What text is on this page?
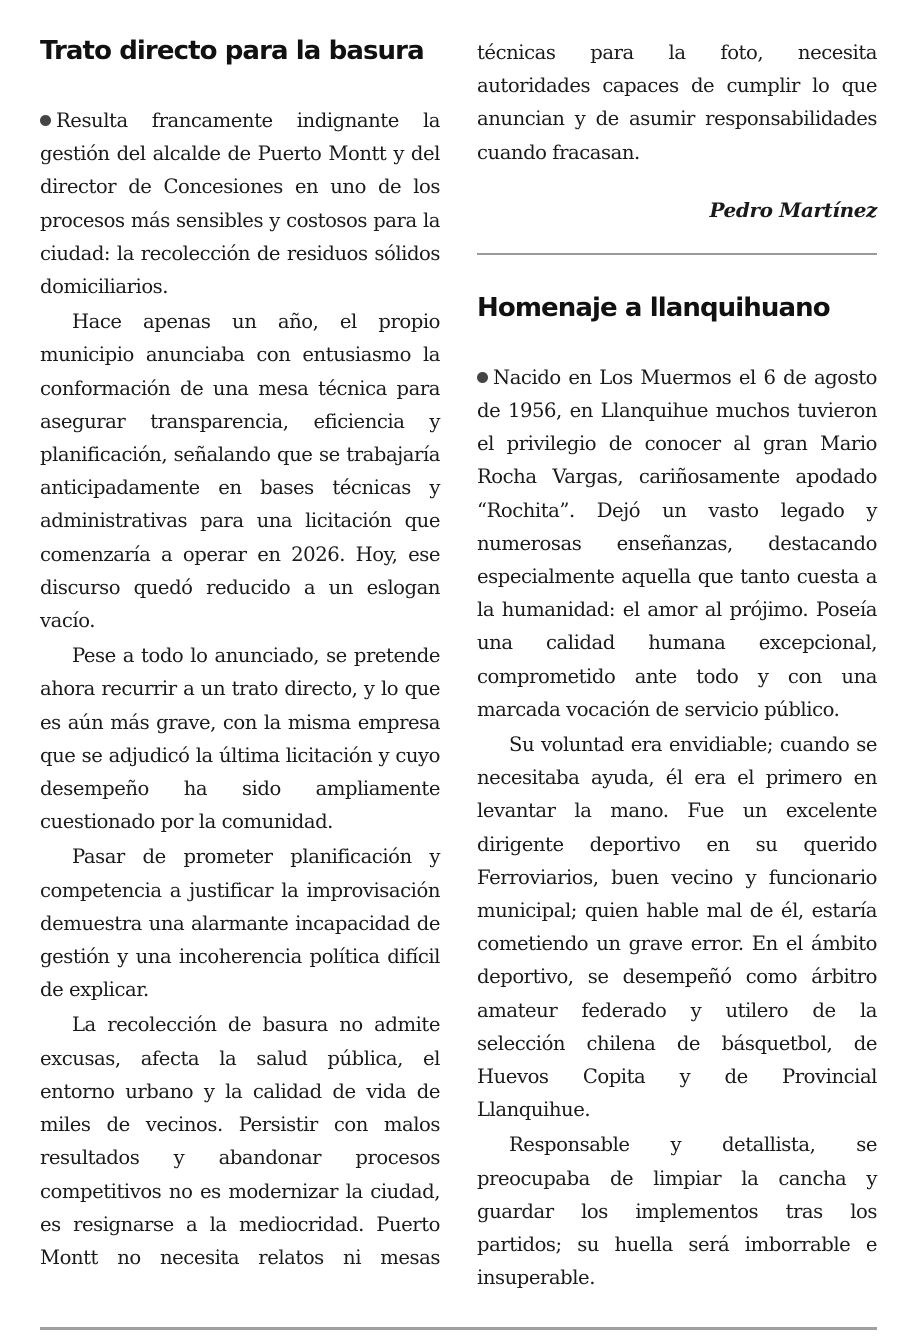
Trato directo para la basura

Resulta francamente indignante la gestión del alcalde de Puerto Montt y del director de Concesiones en uno de los procesos más sensibles y costosos para la ciudad: la recolección de residuos sólidos domiciliarios.

Hace apenas un año, el propio municipio anunciaba con entusiasmo la conformación de una mesa técnica para asegurar transparencia, eficiencia y planificación, señalando que se trabajaría anticipadamente en bases técnicas y administrativas para una licitación que comenzaría a operar en 2026. Hoy, ese discurso quedó reducido a un eslogan vacío.

Pese a todo lo anunciado, se pretende ahora recurrir a un trato directo, y lo que es aún más grave, con la misma empresa que se adjudicó la última licitación y cuyo desempeño ha sido ampliamente cuestionado por la comunidad.

Pasar de prometer planificación y competencia a justificar la improvisación demuestra una alarmante incapacidad de gestión y una incoherencia política difícil de explicar.

La recolección de basura no admite excusas, afecta la salud pública, el entorno urbano y la calidad de vida de miles de vecinos. Persistir con malos resultados y abandonar procesos competitivos no es modernizar la ciudad, es resignarse a la mediocridad. Puerto Montt no necesita relatos ni mesas

técnicas para la foto, necesita autoridades capaces de cumplir lo que anuncian y de asumir responsabilidades cuando fracasan.

Pedro Martínez
Homenaje a llanquihuano

Nacido en Los Muermos el 6 de agosto de 1956, en Llanquihue muchos tuvieron el privilegio de conocer al gran Mario Rocha Vargas, cariñosamente apodado “Rochita”. Dejó un vasto legado y numerosas enseñanzas, destacando especialmente aquella que tanto cuesta a la humanidad: el amor al prójimo. Poseía una calidad humana excepcional, comprometido ante todo y con una marcada vocación de servicio público.

Su voluntad era envidiable; cuando se necesitaba ayuda, él era el primero en levantar la mano. Fue un excelente dirigente deportivo en su querido Ferroviarios, buen vecino y funcionario municipal; quien hable mal de él, estaría cometiendo un grave error. En el ámbito deportivo, se desempeñó como árbitro amateur federado y utilero de la selección chilena de básquetbol, de Huevos Copita y de Provincial Llanquihue.

Responsable y detallista, se preocupaba de limpiar la cancha y guardar los implementos tras los partidos; su huella será imborrable e insuperable.
